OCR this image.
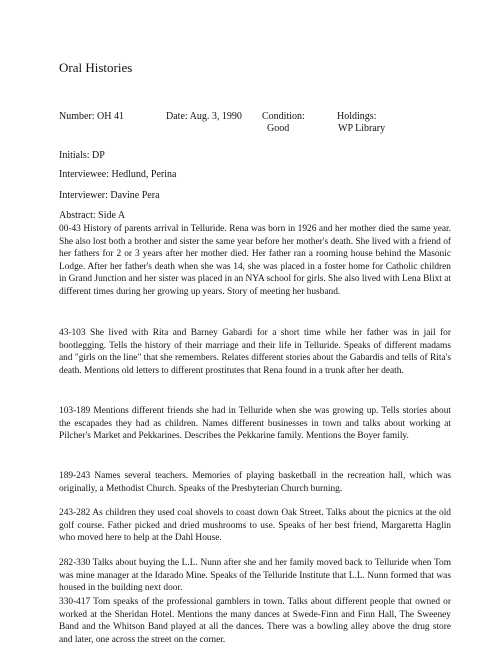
Oral Histories
Number: OH 41	Date: Aug. 3, 1990 Condition:
Good
Holdings:
WP Library
Initials: DP
Interviewee: Hedlund, Perina
Interviewer: Davine Pera
Abstract: Side A
00-43 History of parents arrival in Telluride. Rena was born in 1926 and her mother died the same year. She also lost both a brother and sister the same year before her mother's death. She lived with a friend of her fathers for 2 or 3 years after her mother died. Her father ran a rooming house behind the Masonic Lodge. After her father's death when she was 14, she was placed in a foster home for Catholic children in Grand Junction and her sister was placed in an NYA school for girls. She also lived with Lena Blixt at different times during her growing up years. Story of meeting her husband.
43-103 She lived with Rita and Barney Gabardi for a short time while her father was in jail for bootlegging. Tells the history of their marriage and their life in Telluride. Speaks of different madams and "girls on the line" that she remembers. Relates different stories about the Gabardis and tells of Rita's death. Mentions old letters to different prostitutes that Rena found in a trunk after her death.
103-189 Mentions different friends she had in Telluride when she was growing up. Tells stories about the escapades they had as children. Names different businesses in town and talks about working at Pilcher's Market and Pekkarines. Describes the Pekkarine family. Mentions the Boyer family.
189-243 Names several teachers. Memories of playing basketball in the recreation hall, which was originally, a Methodist Church. Speaks of the Presbyterian Church burning.
243-282 As children they used coal shovels to coast down Oak Street. Talks about the picnics at the old golf course. Father picked and dried mushrooms to use. Speaks of her best friend, Margaretta Haglin who moved here to help at the Dahl House.
282-330 Talks about buying the L.L. Nunn after she and her family moved back to Telluride when Tom was mine manager at the Idarado Mine. Speaks of the Telluride Institute that L.L. Nunn formed that was housed in the building next door.
330-417 Tom speaks of the professional gamblers in town. Talks about different people that owned or worked at the Sheridan Hotel. Mentions the many dances at Swede-Finn and Finn Hall, The Sweeney Band and the Whitson Band played at all the dances. There was a bowling alley above the drug store and later, one across the street on the corner.
